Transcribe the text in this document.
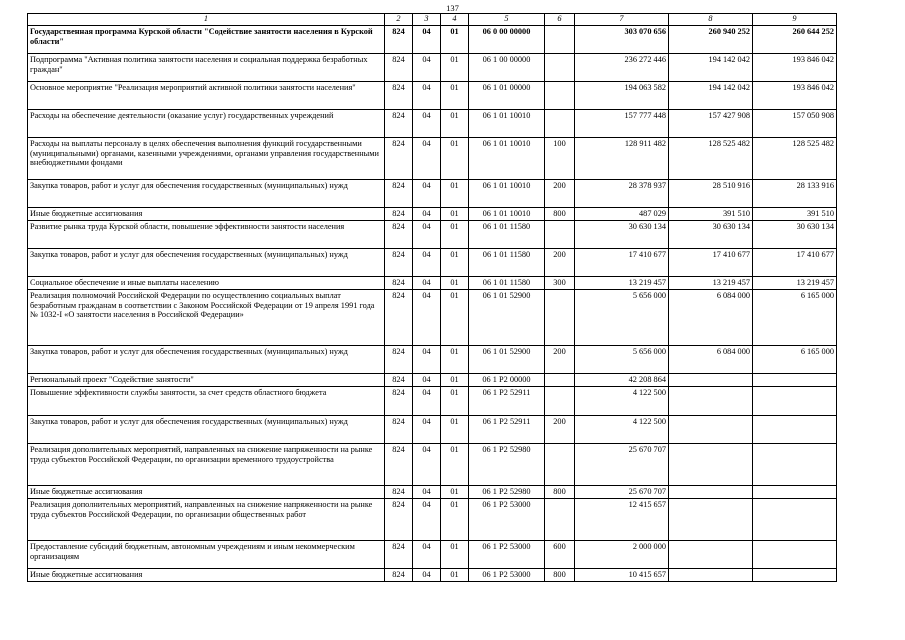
137
1	2	3	4	5	6	7	8	9
Государственная программа Курской области "Содействие занятости населения в Курской области"	824	04	01	06 0 00 00000		303 070 656	260 940 252	260 644 252
Подпрограмма "Активная политика занятости населения и социальная поддержка безработных граждан"	824	04	01	06 1 00 00000		236 272 446	194 142 042	193 846 042
Основное мероприятие "Реализация мероприятий активной политики занятости населения"	824	04	01	06 1 01 00000		194 063 582	194 142 042	193 846 042
Расходы на обеспечение деятельности (оказание услуг) государственных учреждений	824	04	01	06 1 01 10010		157 777 448	157 427 908	157 050 908
Расходы на выплаты персоналу в целях обеспечения выполнения функций государственными (муниципальными) органами, казенными учреждениями, органами управления государственными внебюджетными фондами	824	04	01	06 1 01 10010	100	128 911 482	128 525 482	128 525 482
Закупка товаров, работ и услуг для обеспечения государственных (муниципальных) нужд	824	04	01	06 1 01 10010	200	28 378 937	28 510 916	28 133 916
Иные бюджетные ассигнования	824	04	01	06 1 01 10010	800	487 029	391 510	391 510
Развитие рынка труда Курской области, повышение эффективности занятости населения	824	04	01	06 1 01 11580		30 630 134	30 630 134	30 630 134
Закупка товаров, работ и услуг для обеспечения государственных (муниципальных) нужд	824	04	01	06 1 01 11580	200	17 410 677	17 410 677	17 410 677
Социальное обеспечение и иные выплаты населению	824	04	01	06 1 01 11580	300	13 219 457	13 219 457	13 219 457
Реализация полномочий Российской Федерации по осуществлению социальных выплат безработным гражданам в соответствии с Законом Российской Федерации от 19 апреля 1991 года № 1032-I «О занятости населения в Российской Федерации»	824	04	01	06 1 01 52900		5 656 000	6 084 000	6 165 000
Закупка товаров, работ и услуг для обеспечения государственных (муниципальных) нужд	824	04	01	06 1 01 52900	200	5 656 000	6 084 000	6 165 000
Региональный проект "Содействие занятости"	824	04	01	06 1 P2 00000		42 208 864		
Повышение эффективности службы занятости, за счет средств областного бюджета	824	04	01	06 1 P2 52911		4 122 500		
Закупка товаров, работ и услуг для обеспечения государственных (муниципальных) нужд	824	04	01	06 1 P2 52911	200	4 122 500		
Реализация дополнительных мероприятий, направленных на снижение напряженности на рынке труда субъектов Российской Федерации, по организации временного трудоустройства	824	04	01	06 1 P2 52980		25 670 707		
Иные бюджетные ассигнования	824	04	01	06 1 P2 52980	800	25 670 707		
Реализация дополнительных мероприятий, направленных на снижение напряженности на рынке труда субъектов Российской Федерации, по организации общественных работ	824	04	01	06 1 P2 53000		12 415 657		
Предоставление субсидий бюджетным, автономным учреждениям и иным некоммерческим организациям	824	04	01	06 1 P2 53000	600	2 000 000		
Иные бюджетные ассигнования	824	04	01	06 1 P2 53000	800	10 415 657		
